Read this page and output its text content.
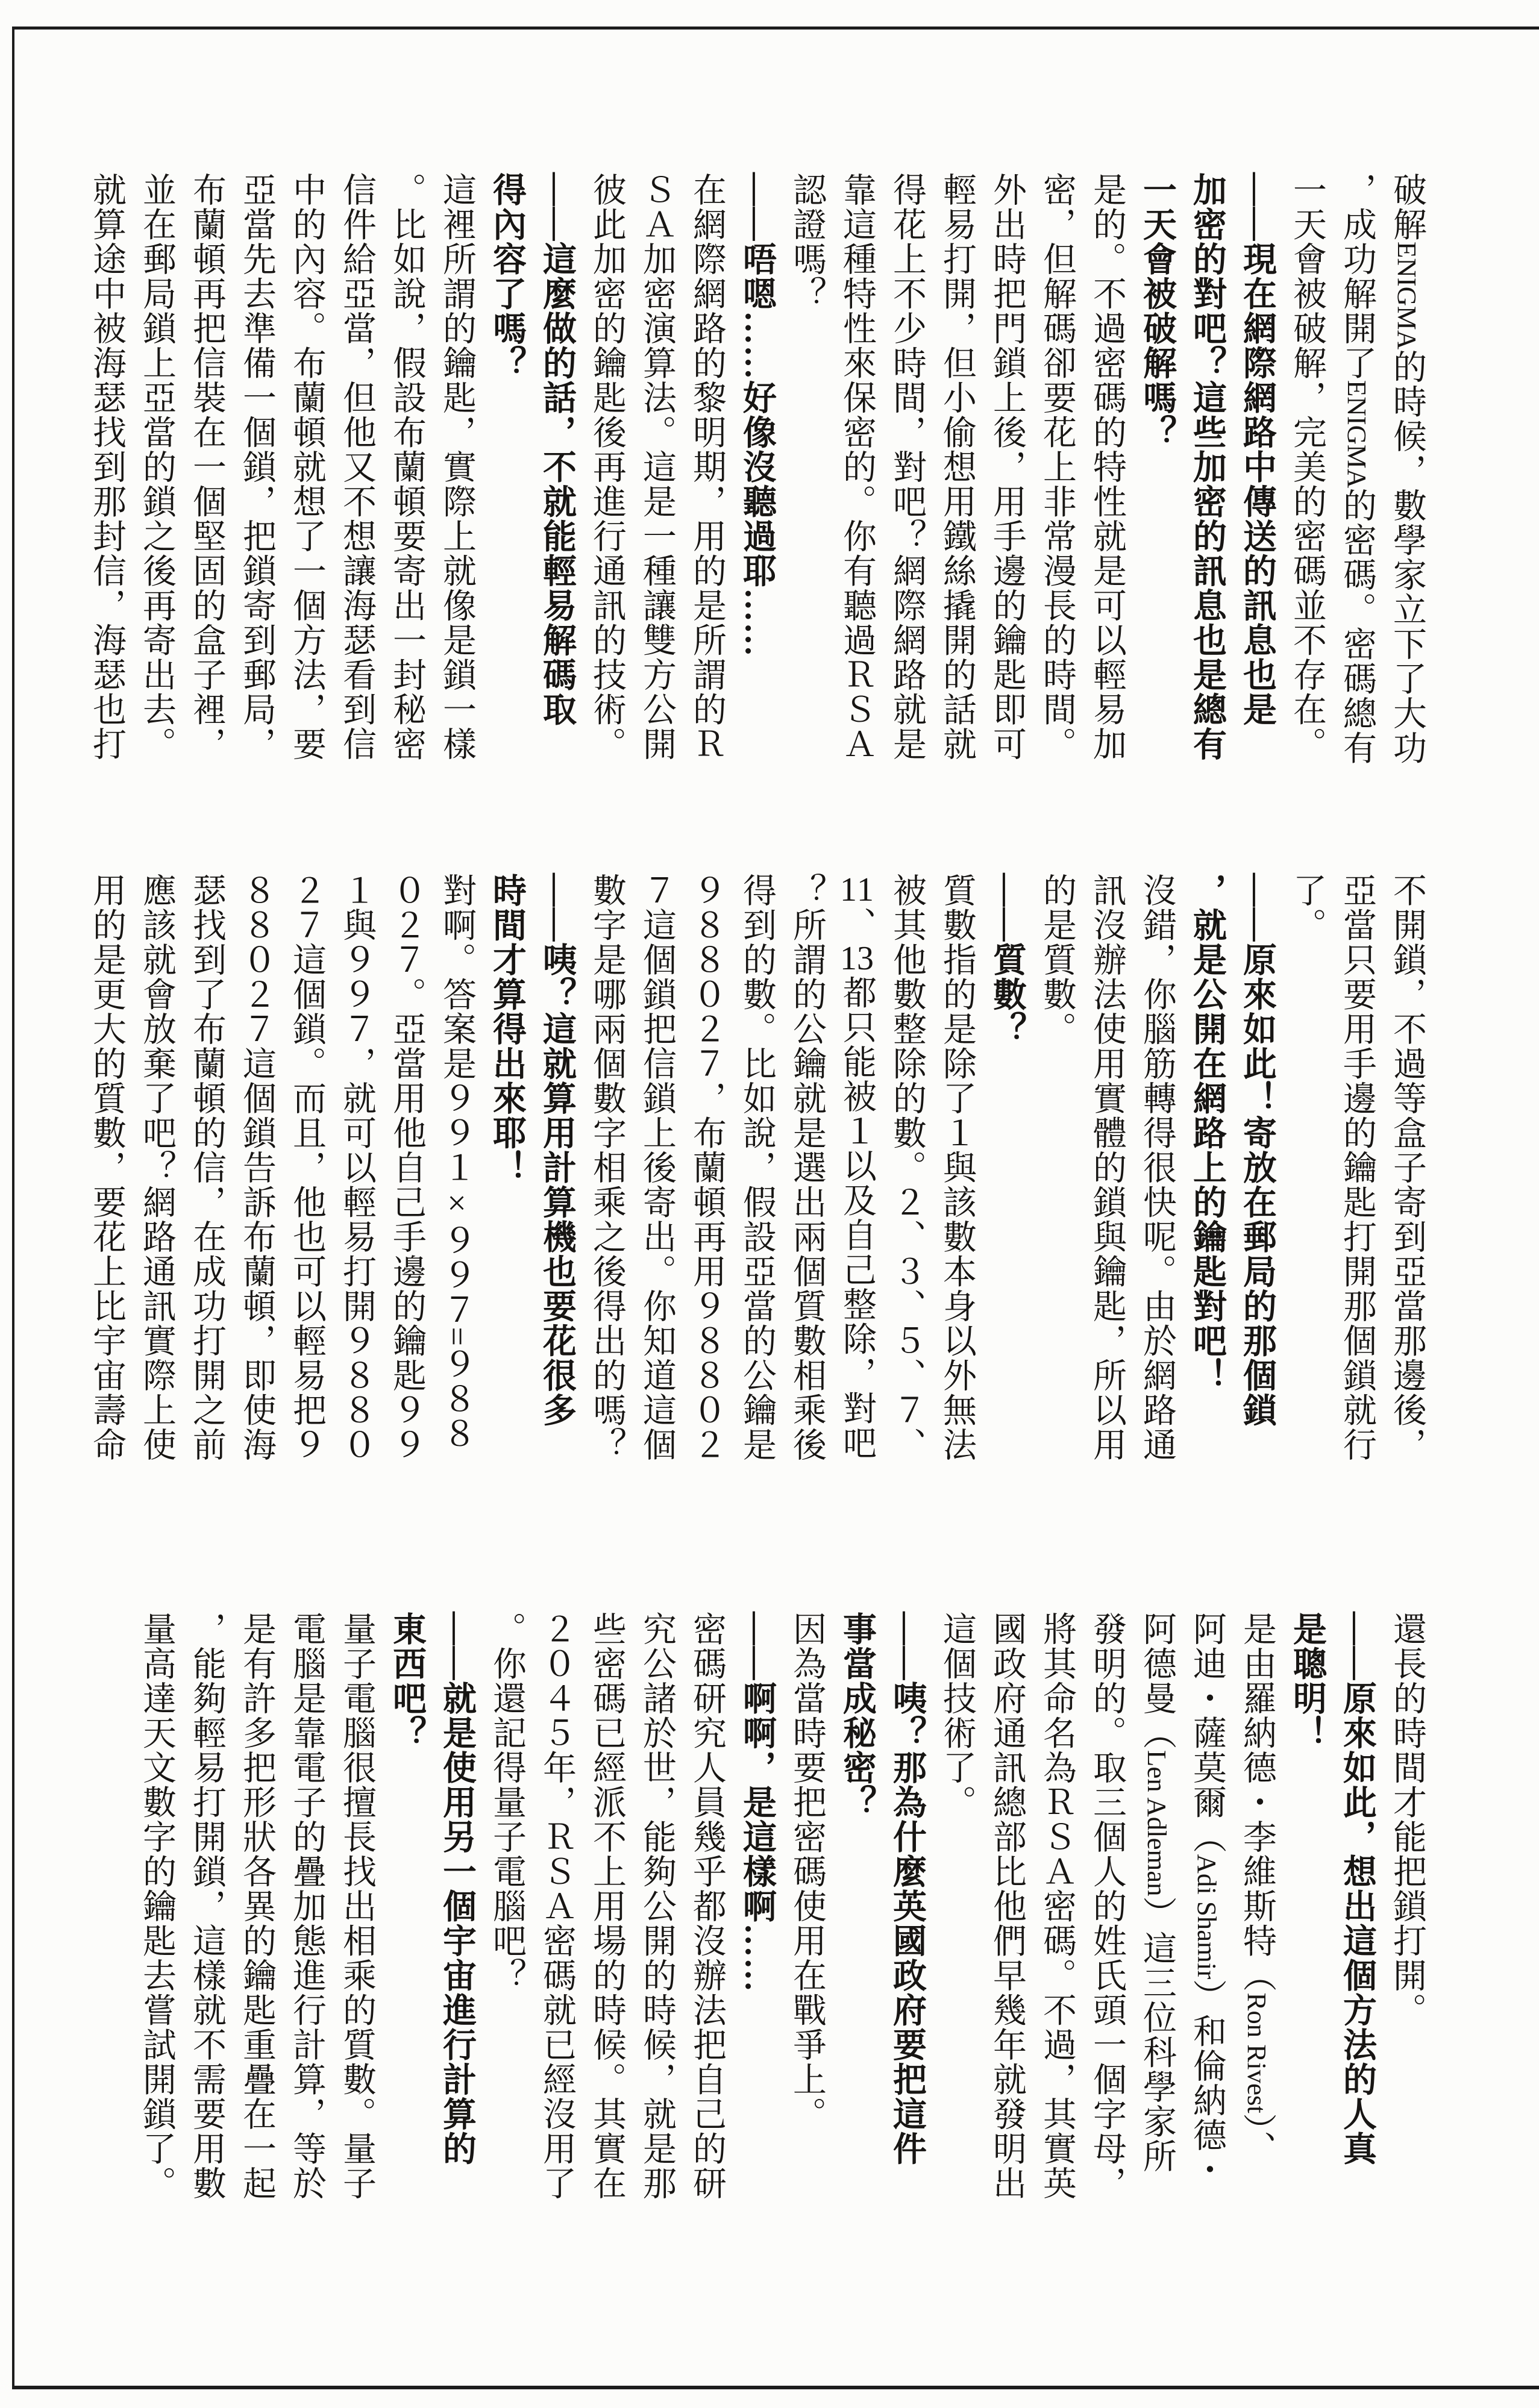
破解ENIGMA的時候，數學家立下了大功

，成功解開了ENIGMA的密碼。密碼總有

一天會被破解，完美的密碼並不存在。

——現在網際網路中傳送的訊息也是

加密的對吧？這些加密的訊息也是總有

一天會被破解嗎？

是的。不過密碼的特性就是可以輕易加

密，但解碼卻要花上非常漫長的時間。

外出時把門鎖上後，用手邊的鑰匙即可

輕易打開，但小偷想用鐵絲撬開的話就

得花上不少時間，對吧？網際網路就是

靠這種特性來保密的。你有聽過ＲＳＡ

認證嗎？

——唔嗯……好像沒聽過耶……

在網際網路的黎明期，用的是所謂的Ｒ

ＳＡ加密演算法。這是一種讓雙方公開

彼此加密的鑰匙後再進行通訊的技術。

——這麼做的話，不就能輕易解碼取

得內容了嗎？

這裡所謂的鑰匙，實際上就像是鎖一樣

。比如說，假設布蘭頓要寄出一封秘密

信件給亞當，但他又不想讓海瑟看到信

中的內容。布蘭頓就想了一個方法，要

亞當先去準備一個鎖，把鎖寄到郵局，

布蘭頓再把信裝在一個堅固的盒子裡，

並在郵局鎖上亞當的鎖之後再寄出去。

就算途中被海瑟找到那封信，海瑟也打

不開鎖，不過等盒子寄到亞當那邊後，

亞當只要用手邊的鑰匙打開那個鎖就行

了。

——原來如此！寄放在郵局的那個鎖

，就是公開在網路上的鑰匙對吧！

沒錯，你腦筋轉得很快呢。由於網路通

訊沒辦法使用實體的鎖與鑰匙，所以用

的是質數。

——質數？

質數指的是除了１與該數本身以外無法

被其他數整除的數。２、３、５、７、

11、13都只能被１以及自己整除，對吧

？所謂的公鑰就是選出兩個質數相乘後

得到的數。比如說，假設亞當的公鑰是

９８８０２７，布蘭頓再用９８８０２

７這個鎖把信鎖上後寄出。你知道這個

數字是哪兩個數字相乘之後得出的嗎？

——咦？這就算用計算機也要花很多

時間才算得出來耶！

對啊。答案是９９１×９９７=９８８

０２７。亞當用他自己手邊的鑰匙９９

１與９９７，就可以輕易打開９８８０

２７這個鎖。而且，他也可以輕易把９

８８０２７這個鎖告訴布蘭頓，即使海

瑟找到了布蘭頓的信，在成功打開之前

應該就會放棄了吧？網路通訊實際上使

用的是更大的質數，要花上比宇宙壽命

還長的時間才能把鎖打開。

——原來如此，想出這個方法的人真

是聰明！

是由羅納德・李維斯特（Ron Rivest）、

阿迪・薩莫爾（Adi Shamir）和倫納德・

阿德曼（Len Adleman）這三位科學家所

發明的。取三個人的姓氏頭一個字母，

將其命名為ＲＳＡ密碼。不過，其實英

國政府通訊總部比他們早幾年就發明出

這個技術了。

——咦？那為什麼英國政府要把這件

事當成秘密？

因為當時要把密碼使用在戰爭上。

——啊啊，是這樣啊……

密碼研究人員幾乎都沒辦法把自己的研

究公諸於世，能夠公開的時候，就是那

些密碼已經派不上用場的時候。其實在

２０４５年，ＲＳＡ密碼就已經沒用了

。你還記得量子電腦吧？

——就是使用另一個宇宙進行計算的

東西吧？

量子電腦很擅長找出相乘的質數。量子

電腦是靠電子的疊加態進行計算，等於

是有許多把形狀各異的鑰匙重疊在一起

，能夠輕易打開鎖，這樣就不需要用數

量高達天文數字的鑰匙去嘗試開鎖了。
